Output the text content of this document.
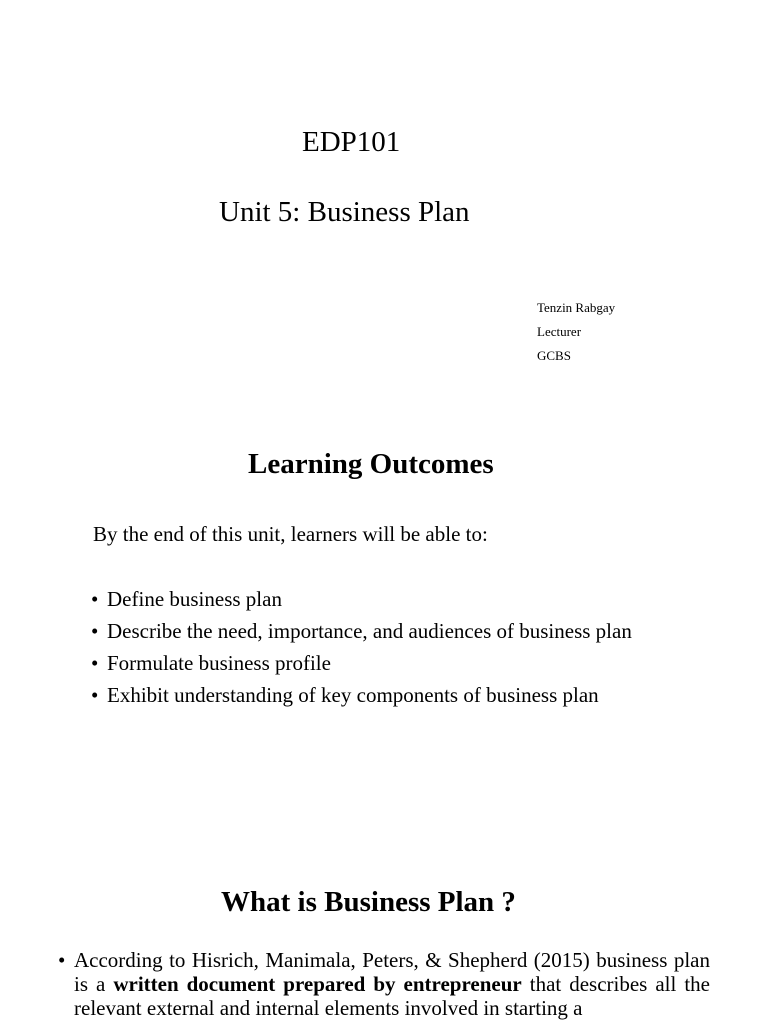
EDP101
Unit 5: Business Plan
Tenzin Rabgay
Lecturer
GCBS
Learning Outcomes
By the end of this unit, learners will be able to:
• Define business plan
• Describe the need, importance, and audiences of business plan
• Formulate business profile
• Exhibit understanding of key components of business plan
What is Business Plan ?
• According to Hisrich, Manimala, Peters, & Shepherd (2015) business plan is a written document prepared by entrepreneur that describes all the relevant external and internal elements involved in starting a
